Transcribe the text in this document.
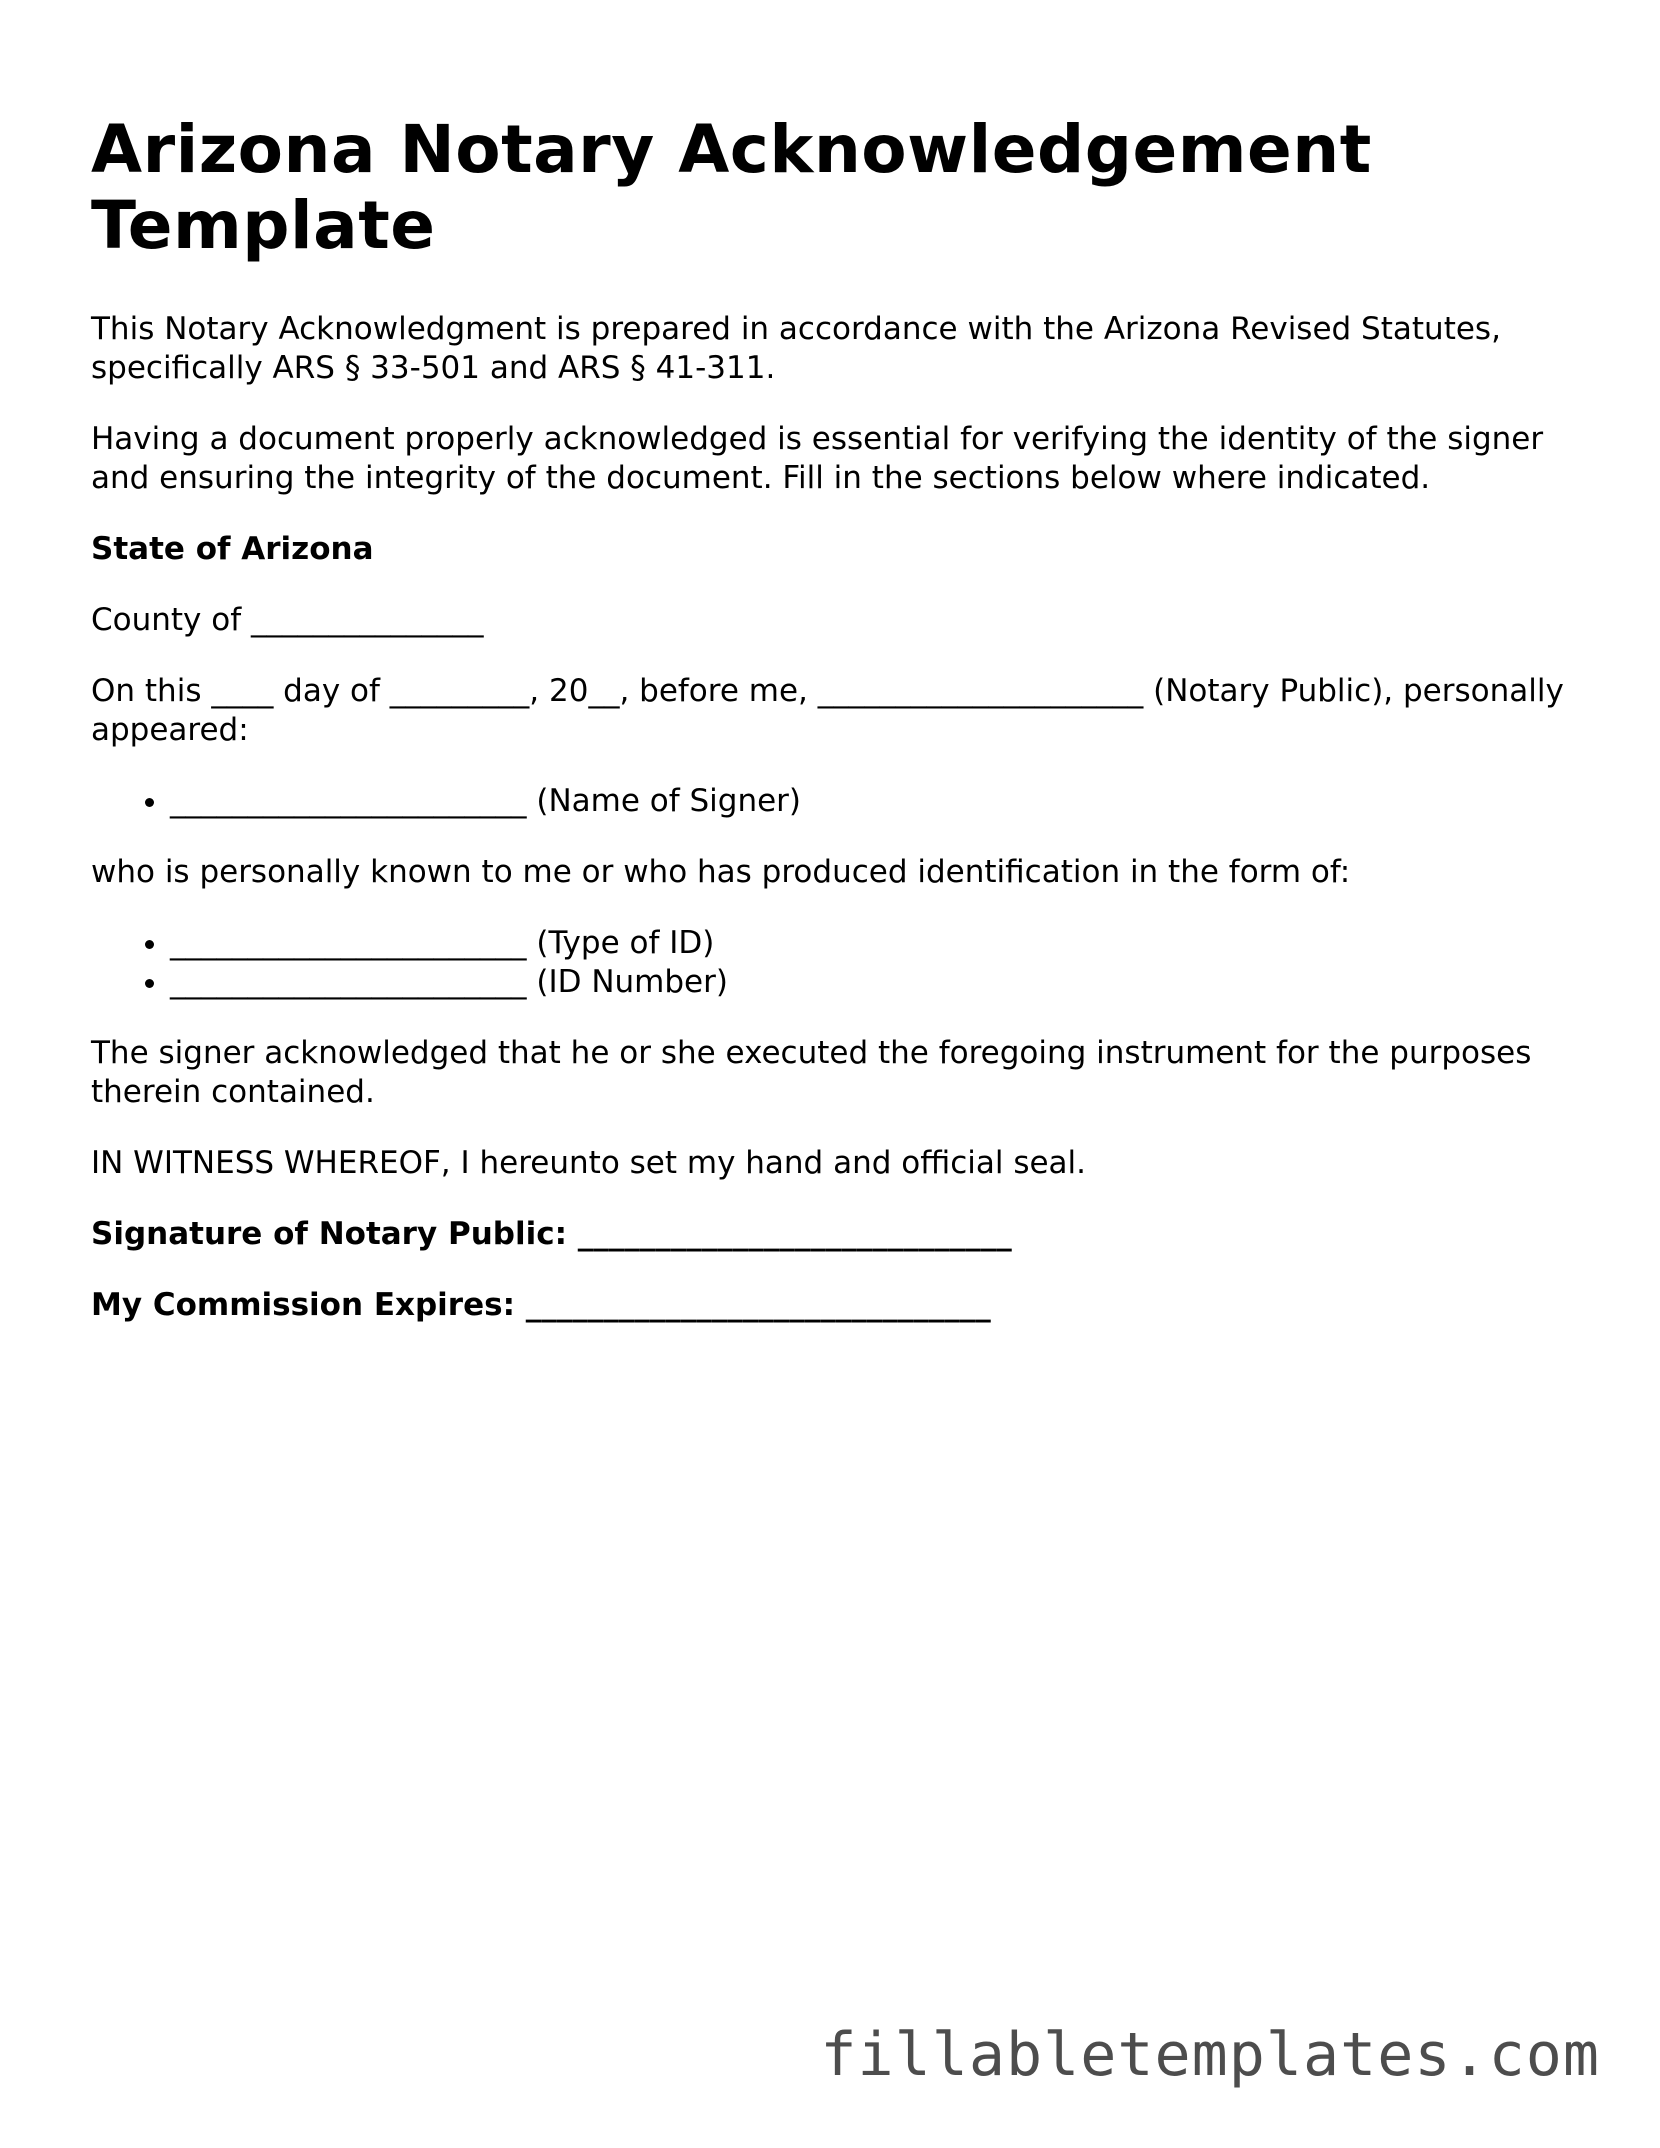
Arizona Notary Acknowledgement Template

This Notary Acknowledgment is prepared in accordance with the Arizona Revised Statutes, specifically ARS § 33-501 and ARS § 41-311.

Having a document properly acknowledged is essential for verifying the identity of the signer and ensuring the integrity of the document. Fill in the sections below where indicated.

State of Arizona

County of _______________

On this ____ day of _________, 20__, before me, _____________________ (Notary Public), personally appeared:

• _______________________ (Name of Signer)

who is personally known to me or who has produced identification in the form of:

• _______________________ (Type of ID)
• _______________________ (ID Number)

The signer acknowledged that he or she executed the foregoing instrument for the purposes therein contained.

IN WITNESS WHEREOF, I hereunto set my hand and official seal.

Signature of Notary Public: ____________________________

My Commission Expires: ______________________________

fillabletemplates.com
